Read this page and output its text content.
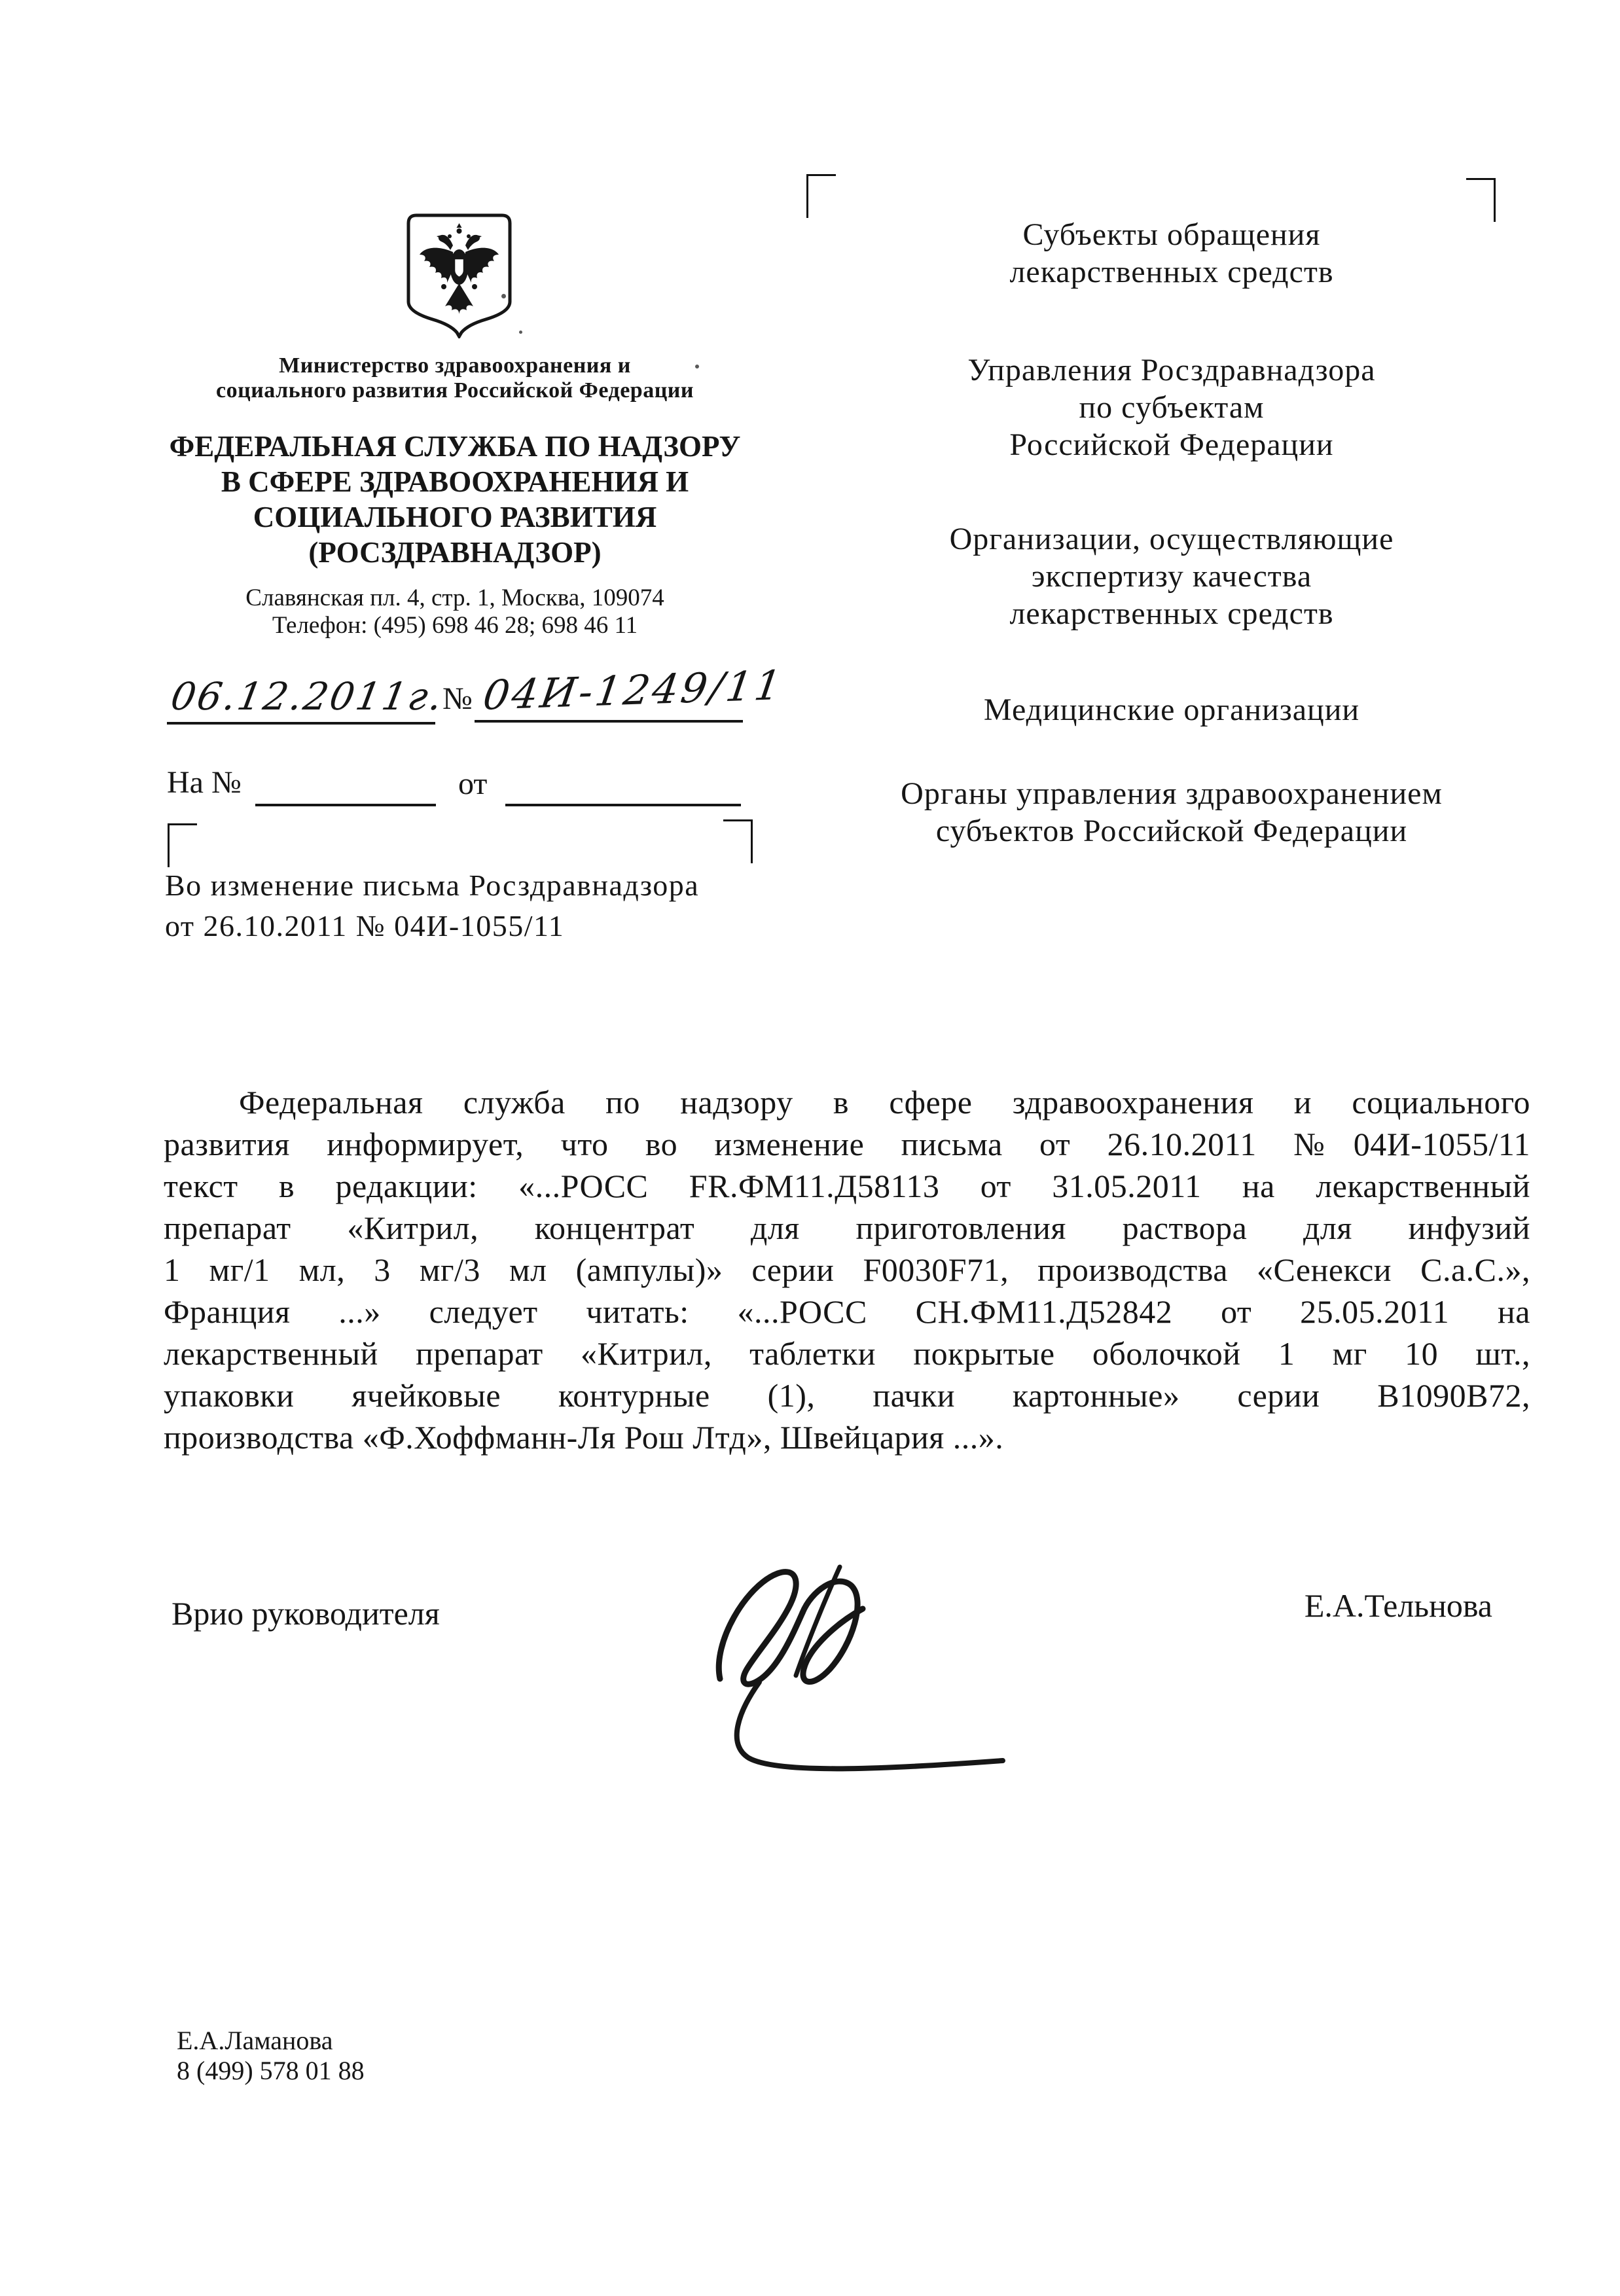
Министерство здравоохранения и
социального развития Российской Федерации
ФЕДЕРАЛЬНАЯ СЛУЖБА ПО НАДЗОРУ
В СФЕРЕ ЗДРАВООХРАНЕНИЯ И
СОЦИАЛЬНОГО РАЗВИТИЯ
(РОСЗДРАВНАДЗОР)
Славянская пл. 4, стр. 1, Москва, 109074
Телефон: (495) 698 46 28; 698 46 11
06.12.2011г.
№ 04И-1249/11
На №	от
Во изменение письма Росздравнадзора
от 26.10.2011 № 04И-1055/11
Субъекты обращения
лекарственных средств
Управления Росздравнадзора
по субъектам
Российской Федерации
Организации, осуществляющие
экспертизу качества
лекарственных средств
Медицинские организации
Органы управления здравоохранением
субъектов Российской Федерации
Федеральная служба по надзору в сфере здравоохранения и социального
развития информирует, что во изменение письма от 26.10.2011 №04И-1055/11
текст в редакции: «...РОСС FR.ФМ11.Д58113 от 31.05.2011 на лекарственный
препарат «Китрил, концентрат для приготовления раствора для инфузий
1 мг/1 мл, 3 мг/3 мл (ампулы)» серии F0030F71, производства «Сенекси С.а.С.»,
Франция ...» следует читать: «...РОСС СН.ФМ11.Д52842 от 25.05.2011 на
лекарственный препарат «Китрил, таблетки покрытые оболочкой 1 мг 10 шт.,
упаковки ячейковые контурные (1), пачки картонные» серии В1090В72,
производства «Ф.Хоффманн-Ля Рош Лтд», Швейцария ...».
Врио руководителя	Е.А.Тельнова
Е.А.Ламанова
8 (499) 578 01 88
